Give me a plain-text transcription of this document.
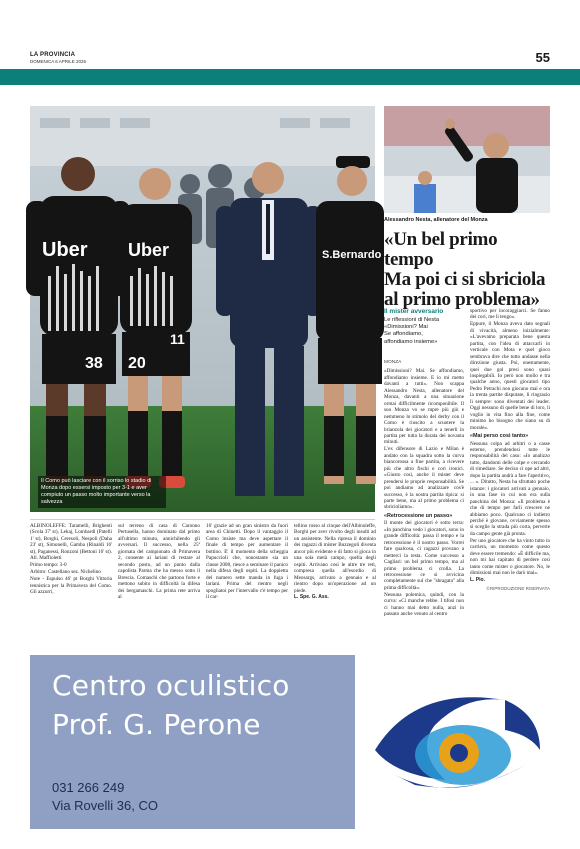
LA PROVINCIA
DOMENICA 6 APRILE 2025	55
Uber
38
Uber
20
11
S.Bernardo
Il Como può lasciare con il sorriso lo stadio di Monza dopo essersi imposto per 3-1 e aver compiuto un passo molto importante verso la salvezza
Alessandro Nesta, allenatore del Monza
«Un bel primo tempo
Ma poi ci si sbriciola
al primo problema»
Il mister avversario
Le riflessioni di Nesta
«Dimissioni? Mai
Se affondiamo,
affondiamo insieme»
MONZA

«Dimissioni? Mai. Se affondiamo, affondiamo insieme. E io mi metto davanti a tutti». Non scappa Alessandro Nesta, allenatore del Monza, davanti a una situazione ormai difficilmente ricomponibile. Il suo Monza vo se mpre più giù e nemmeno lo stimolo del derby con il Como è riuscito a scuotere la brianzola dei giocatori e a tenerli in partita per tutta la durata dei novanta minuti.

L'ex difensore di Lazio e Milan è andato con la squadra sotto la curva biancorossa a fine partita, a ricevere più che altro fischi e cori ironici. «Giusto così, anche il mister deve prendersi le proprie responsabilità. Se poi andiamo ad analizzare cos'è successo, è la nostra partita tipica: si parte bene, ma al primo problema ci sbricioliamo».

«Retrocessione un passo»

Il monte dei giocatori è sotto terra: «In panchina vedo i giocatori, sono in grande difficoltà: passa il tempo e la retrocessione è il nostro passo. Vorrei fare qualcosa, ci ragazzi provano a metterci la testa. Come successo a Cagliari: un bel primo tempo, ma al primo problema ci crolla. La retrocessione ce si avvicina completamente sul che "sbragata" alla prima difficoltà».

Nessuna polemica, quindi, con la curva: «Ci manche rebbe. I tifosi non ci hanno mai detto nulla, anzi in passato anche venuto al centro

sportivo per incoraggiarci. Se fanno dei cori, me li tengo».

Eppure, il Monza aveva dato segnali di vivacità, almeno inizialmente: «L'avevamo preparata bene questa partita, con l'idea di attaccarli in verticale con Mota e quel gioco sembrava dire che tutto andasse nella direzione giusta. Poi, onestamente, quei due gol presi sono quasi inspiegabili. Io però non mollo e tra qualche anno, questi giocatori tipo Pedro Petrachi non giocano mai e ora la trenta partite disputate, lì ringrazio lì sempre: sono diventati dei leader. Oggi nessuno di quelle bene di loro, li voglio in vita fino alla fine, come minimo ho bisogno che siano su di morale».

«Mai perso così tanto»

Nessuna colpa ad arbitri o a casse esterne, prendendosi tutte le responsabilità del caso: «Io analizzo tutto, dandomi delle colpe e cercando di rimediare. Se deciso ci ope ad altri, dopo la partita andrà a fare l'aperitivo, ... ». Ditutto, Nesta ha sfruttato poche istanze: i giocatori arrivati a gennaio, in una fase in cui non era sulla panchina del Monza: «Il problema è che di tempo per farli crescere ne abbiamo poco. Qualcuno ci indietro perché è giovane, ovviamente spesso si sceglie la strada più corta, perverte da campo gente già pronta.

Per uno giocatore che ha vinto tutto in carriera, un momento come questo deve essere tremendo: «È difficile ma, non mi hai capitato di perdere così tanto come mister o giocatore. No, le dimissioni mai non le darò mai».

L. Pio.
©RIPRODUZIONE RISERVATA

ALBINOLEFFE: Taramelli, Brighenti (Scola 37' st), Lekaj, Lombardi (Patelli 1' st), Borghi, Ceresoli, Nespoli (Daha 23' st), Simonelli, Gamba (Rinaldi 16' st), Paganessi, Ronzoni (Bettoni 16' st). All. Maffioletti

Primo tempo: 3-0

Arbitro: Castellano sez. Nichelino

Note - Espulso 46' pt Borghi Vittoria tennistica per la Primavera del Como. Gli azzurri,

sul terreno di casa di Caronno Pertusella, hanno dominato dal primo all'ultimo minuto, annichilendo gli avversari. Il successo, nella 25ª giornata del campionato di Primavera 2, consente ai lariani di restare al secondo posto, ad un punto dalla capolista Parma che ha messo sotto il Brescia. Comaschi che partono forte e mettono subito in difficoltà la difesa dei bergamaschi. La prima rete arriva al

16' grazie ad un gran sinistro da fuori area di Chinetti. Dopo il vantaggio il Como insiste ma deve aspettare il finale di tempo per aumentare il bottino. E' il momento della scheggia Papucciolì che, nonostante sia un classe 2008, riesce a seminare il panico nella difesa degli ospiti. La doppietta del numero sette manda in fuga i lariani. Prima del rientro negli spogliatoi per l'intervallo c'è tempo per il car-

tellino rosso al cinque dell'Albinoleffe, Borghi per aver rivolto degli insulti ad un assistente. Nella ripresa il dominio dei ragazzi di mister Buzzegoli diventa ancor più evidente e di fatto si gioca in una sola metà campo, quella degli ospiti. Arrivano così le altre tre reti, compresa quella all'esordio di Meosargs, arrivato a gennaio e al rientro dopo un'operazione ad un piede.

L. Spe. G. Ass.
Centro oculistico
Prof. G. Perone
031 266 249
Via Rovelli 36, CO
